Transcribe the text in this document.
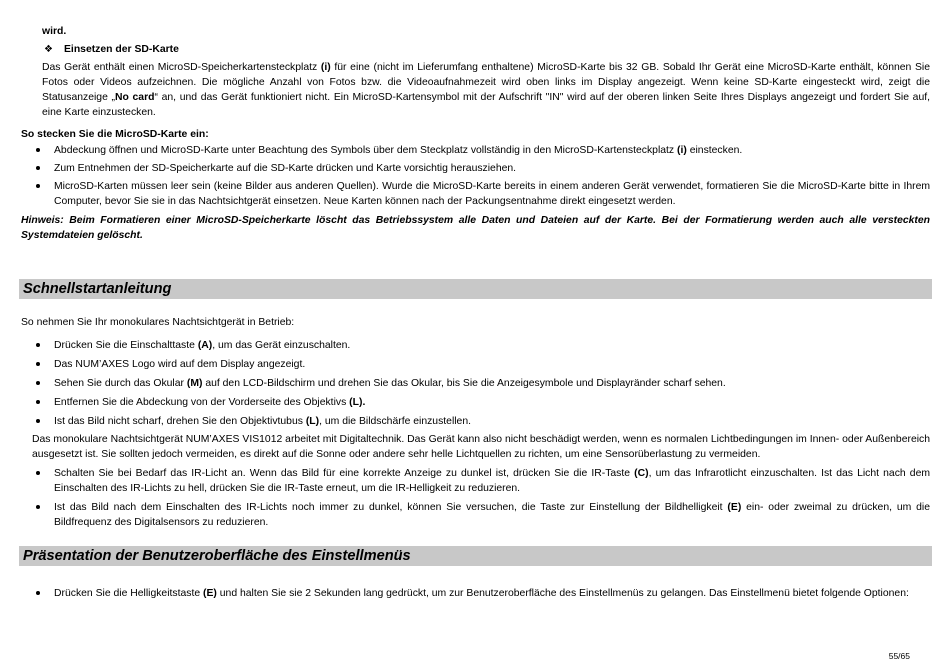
wird.
❖ Einsetzen der SD-Karte
Das Gerät enthält einen MicroSD-Speicherkartensteckplatz (i) für eine (nicht im Lieferumfang enthaltene) MicroSD-Karte bis 32 GB. Sobald Ihr Gerät eine MicroSD-Karte enthält, können Sie Fotos oder Videos aufzeichnen. Die mögliche Anzahl von Fotos bzw. die Videoaufnahmezeit wird oben links im Display angezeigt. Wenn keine SD-Karte eingesteckt wird, zeigt die Statusanzeige „No card“ an, und das Gerät funktioniert nicht. Ein MicroSD-Kartensymbol mit der Aufschrift "IN" wird auf der oberen linken Seite Ihres Displays angezeigt und fordert Sie auf, eine Karte einzustecken.
So stecken Sie die MicroSD-Karte ein:
Abdeckung öffnen und MicroSD-Karte unter Beachtung des Symbols über dem Steckplatz vollständig in den MicroSD-Kartensteckplatz (i) einstecken.
Zum Entnehmen der SD-Speicherkarte auf die SD-Karte drücken und Karte vorsichtig herausziehen.
MicroSD-Karten müssen leer sein (keine Bilder aus anderen Quellen). Wurde die MicroSD-Karte bereits in einem anderen Gerät verwendet, formatieren Sie die MicroSD-Karte bitte in Ihrem Computer, bevor Sie sie in das Nachtsichtgerät einsetzen. Neue Karten können nach der Packungsentnahme direkt eingesetzt werden.
Hinweis: Beim Formatieren einer MicroSD-Speicherkarte löscht das Betriebssystem alle Daten und Dateien auf der Karte. Bei der Formatierung werden auch alle versteckten Systemdateien gelöscht.
Schnellstartanleitung
So nehmen Sie Ihr monokulares Nachtsichtgerät in Betrieb:
Drücken Sie die Einschalttaste (A), um das Gerät einzuschalten.
Das NUM’AXES Logo wird auf dem Display angezeigt.
Sehen Sie durch das Okular (M) auf den LCD-Bildschirm und drehen Sie das Okular, bis Sie die Anzeigesymbole und Displayränder scharf sehen.
Entfernen Sie die Abdeckung von der Vorderseite des Objektivs (L).
Ist das Bild nicht scharf, drehen Sie den Objektivtubus (L), um die Bildschärfe einzustellen.
Das monokulare Nachtsichtgerät NUM’AXES VIS1012 arbeitet mit Digitaltechnik. Das Gerät kann also nicht beschädigt werden, wenn es normalen Lichtbedingungen im Innen- oder Außenbereich ausgesetzt ist. Sie sollten jedoch vermeiden, es direkt auf die Sonne oder andere sehr helle Lichtquellen zu richten, um eine Sensorüberlastung zu vermeiden.
Schalten Sie bei Bedarf das IR-Licht an. Wenn das Bild für eine korrekte Anzeige zu dunkel ist, drücken Sie die IR-Taste (C), um das Infrarotlicht einzuschalten. Ist das Licht nach dem Einschalten des IR-Lichts zu hell, drücken Sie die IR-Taste erneut, um die IR-Helligkeit zu reduzieren.
Ist das Bild nach dem Einschalten des IR-Lichts noch immer zu dunkel, können Sie versuchen, die Taste zur Einstellung der Bildhelligkeit (E) ein- oder zweimal zu drücken, um die Bildfrequenz des Digitalsensors zu reduzieren.
Präsentation der Benutzeroberfläche des Einstellmenüs
Drücken Sie die Helligkeitstaste (E) und halten Sie sie 2 Sekunden lang gedrückt, um zur Benutzeroberfläche des Einstellmenüs zu gelangen. Das Einstellmenü bietet folgende Optionen:
55/65
